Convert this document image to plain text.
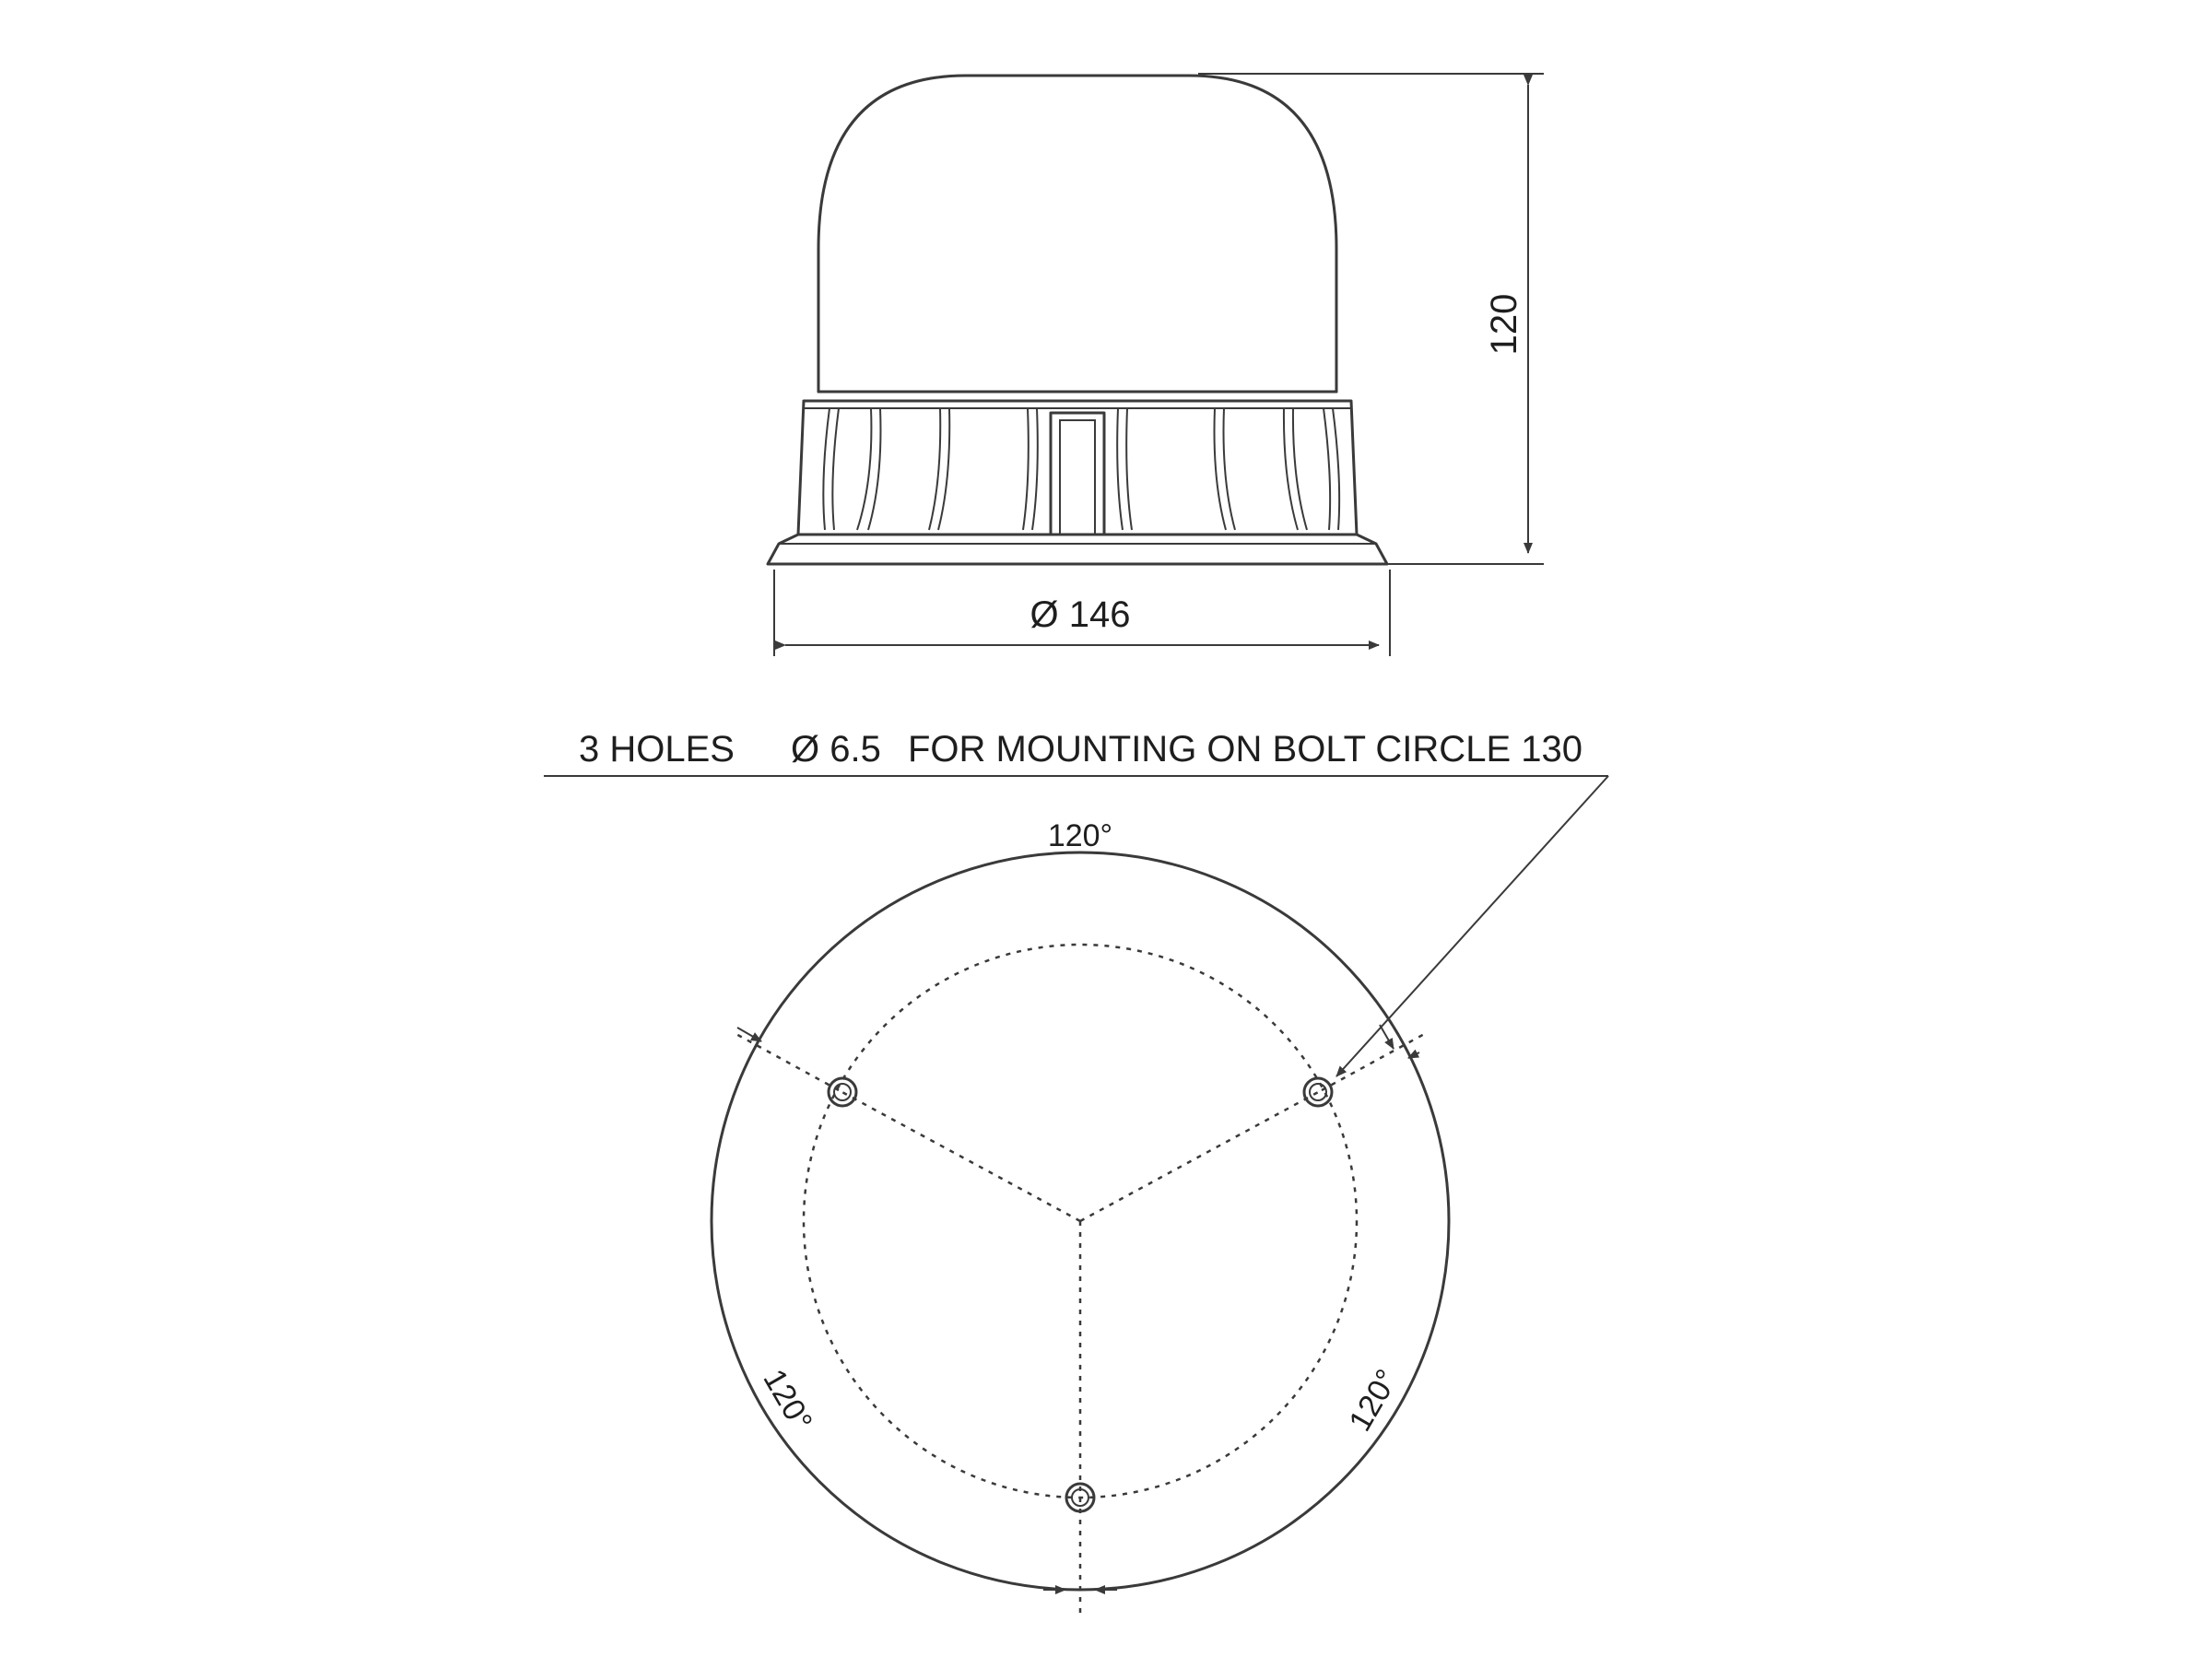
120
Ø 146
3 HOLES Ø 6.5 FOR MOUNTING ON BOLT CIRCLE 130
120°
120°	120°
